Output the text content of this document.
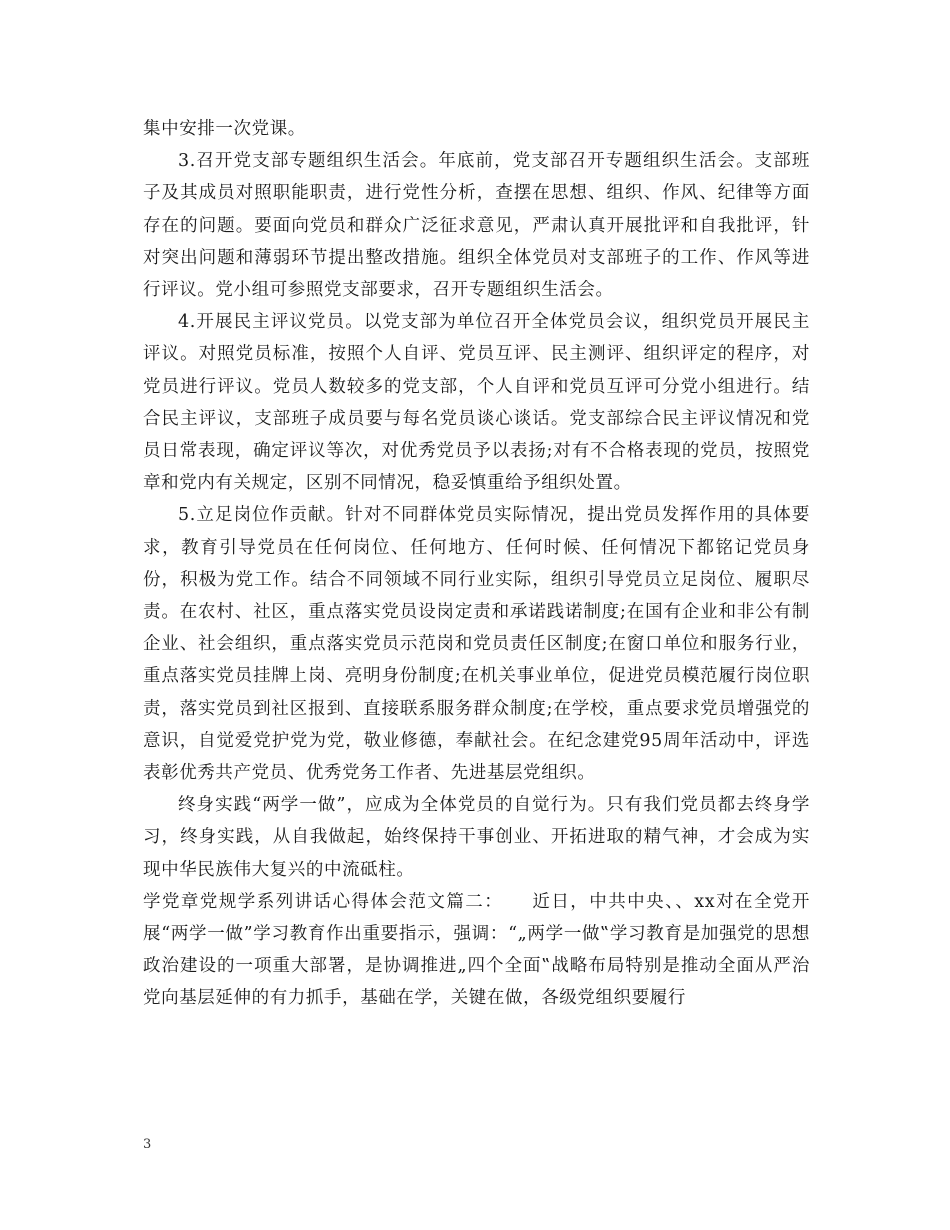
集中安排一次党课。

3.召开党支部专题组织生活会。年底前，党支部召开专题组织生活会。支部班子及其成员对照职能职责，进行党性分析，查摆在思想、组织、作风、纪律等方面存在的问题。要面向党员和群众广泛征求意见，严肃认真开展批评和自我批评，针对突出问题和薄弱环节提出整改措施。组织全体党员对支部班子的工作、作风等进行评议。党小组可参照党支部要求，召开专题组织生活会。

4.开展民主评议党员。以党支部为单位召开全体党员会议，组织党员开展民主评议。对照党员标准，按照个人自评、党员互评、民主测评、组织评定的程序，对党员进行评议。党员人数较多的党支部，个人自评和党员互评可分党小组进行。结合民主评议，支部班子成员要与每名党员谈心谈话。党支部综合民主评议情况和党员日常表现，确定评议等次，对优秀党员予以表扬;对有不合格表现的党员，按照党章和党内有关规定，区别不同情况，稳妥慎重给予组织处置。

5.立足岗位作贡献。针对不同群体党员实际情况，提出党员发挥作用的具体要求，教育引导党员在任何岗位、任何地方、任何时候、任何情况下都铭记党员身份，积极为党工作。结合不同领域不同行业实际，组织引导党员立足岗位、履职尽责。在农村、社区，重点落实党员设岗定责和承诺践诺制度;在国有企业和非公有制企业、社会组织，重点落实党员示范岗和党员责任区制度;在窗口单位和服务行业，重点落实党员挂牌上岗、亮明身份制度;在机关事业单位，促进党员模范履行岗位职责，落实党员到社区报到、直接联系服务群众制度;在学校，重点要求党员增强党的意识，自觉爱党护党为党，敬业修德，奉献社会。在纪念建党95周年活动中，评选表彰优秀共产党员、优秀党务工作者、先进基层党组织。

终身实践“两学一做”，应成为全体党员的自觉行为。只有我们党员都去终身学习，终身实践，从自我做起，始终保持干事创业、开拓进取的精气神，才会成为实现中华民族伟大复兴的中流砥柱。

学党章党规学系列讲话心得体会范文篇二：　　近日，中共中央、、xx对在全党开展“两学一做”学习教育作出重要指示，强调：“„两学一做‟学习教育是加强党的思想政治建设的一项重大部署，是协调推进„四个全面‟战略布局特别是推动全面从严治党向基层延伸的有力抓手，基础在学，关键在做，各级党组织要履行

3
